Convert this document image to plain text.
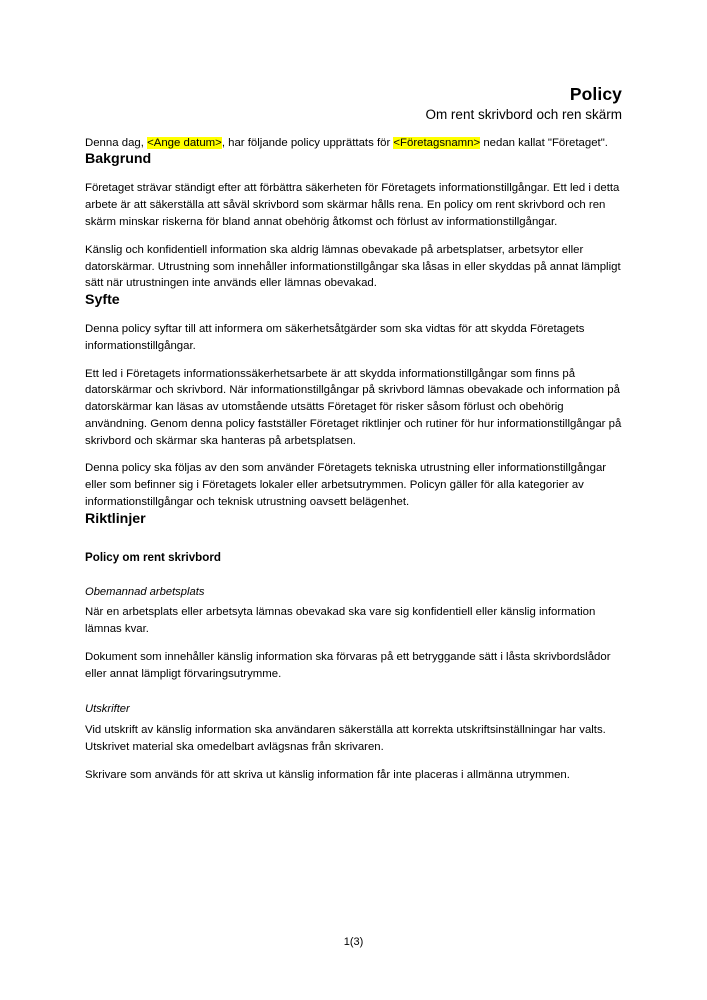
Policy
Om rent skrivbord och ren skärm

Denna dag, <Ange datum>, har följande policy upprättats för <Företagsnamn> nedan kallat "Företaget".

Bakgrund

Företaget strävar ständigt efter att förbättra säkerheten för Företagets informationstillgångar. Ett led i detta arbete är att säkerställa att såväl skrivbord som skärmar hålls rena. En policy om rent skrivbord och ren skärm minskar riskerna för bland annat obehörig åtkomst och förlust av informationstillgångar.

Känslig och konfidentiell information ska aldrig lämnas obevakade på arbetsplatser, arbetsytor eller datorskärmar. Utrustning som innehåller informationstillgångar ska låsas in eller skyddas på annat lämpligt sätt när utrustningen inte används eller lämnas obevakad.

Syfte

Denna policy syftar till att informera om säkerhetsåtgärder som ska vidtas för att skydda Företagets informationstillgångar.

Ett led i Företagets informationssäkerhetsarbete är att skydda informationstillgångar som finns på datorskärmar och skrivbord. När informationstillgångar på skrivbord lämnas obevakade och information på datorskärmar kan läsas av utomstående utsätts Företaget för risker såsom förlust och obehörig användning. Genom denna policy fastställer Företaget riktlinjer och rutiner för hur informationstillgångar på skrivbord och skärmar ska hanteras på arbetsplatsen.

Denna policy ska följas av den som använder Företagets tekniska utrustning eller informationstillgångar eller som befinner sig i Företagets lokaler eller arbetsutrymmen. Policyn gäller för alla kategorier av informationstillgångar och teknisk utrustning oavsett belägenhet.

Riktlinjer
Policy om rent skrivbord
Obemannad arbetsplats

När en arbetsplats eller arbetsyta lämnas obevakad ska vare sig konfidentiell eller känslig information lämnas kvar.

Dokument som innehåller känslig information ska förvaras på ett betryggande sätt i låsta skrivbordslådor eller annat lämpligt förvaringsutrymme.

Utskrifter

Vid utskrift av känslig information ska användaren säkerställa att korrekta utskriftsinställningar har valts. Utskrivet material ska omedelbart avlägsnas från skrivaren.

Skrivare som används för att skriva ut känslig information får inte placeras i allmänna utrymmen.

1(3)
